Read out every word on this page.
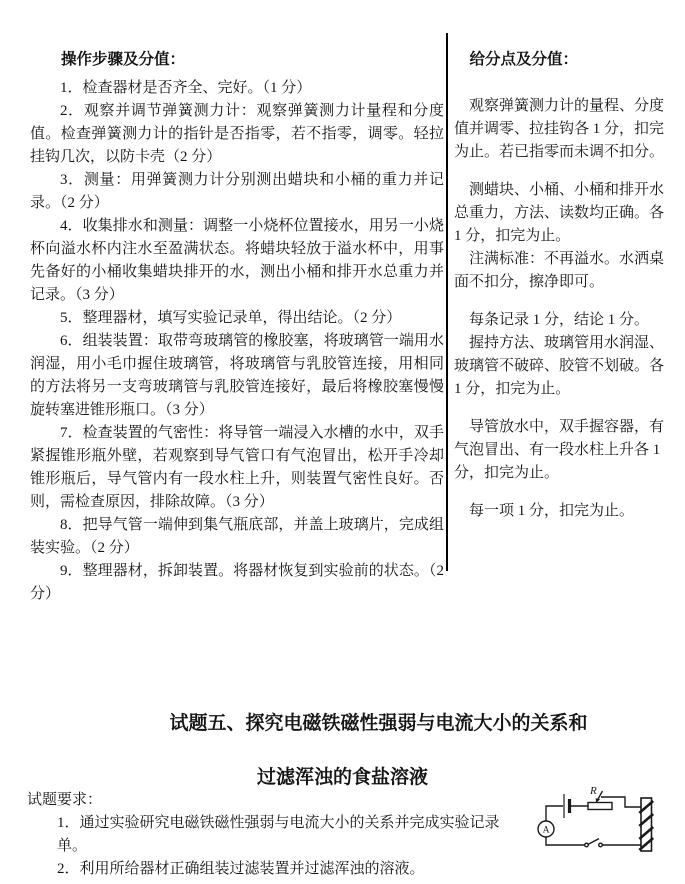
操作步骤及分值：

1．检查器材是否齐全、完好。（1 分）

2．观察并调节弹簧测力计：观察弹簧测力计量程和分度值。检查弹簧测力计的指针是否指零，若不指零，调零。轻拉挂钩几次，以防卡壳（2 分）

3．测量：用弹簧测力计分别测出蜡块和小桶的重力并记录。（2 分）

4．收集排水和测量：调整一小烧杯位置接水，用另一小烧杯向溢水杯内注水至盈满状态。将蜡块轻放于溢水杯中，用事先备好的小桶收集蜡块排开的水，测出小桶和排开水总重力并记录。（3 分）

5．整理器材，填写实验记录单，得出结论。（2 分）

6．组装装置：取带弯玻璃管的橡胶塞，将玻璃管一端用水润湿，用小毛巾握住玻璃管，将玻璃管与乳胶管连接，用相同的方法将另一支弯玻璃管与乳胶管连接好，最后将橡胶塞慢慢旋转塞进锥形瓶口。（3 分）

7．检查装置的气密性：将导管一端浸入水槽的水中，双手紧握锥形瓶外壁，若观察到导气管口有气泡冒出，松开手冷却锥形瓶后，导气管内有一段水柱上升，则装置气密性良好。否则，需检查原因，排除故障。（3 分）

8．把导气管一端伸到集气瓶底部，并盖上玻璃片，完成组装实验。（2 分）

9．整理器材，拆卸装置。将器材恢复到实验前的状态。（2 分）

给分点及分值：

观察弹簧测力计的量程、分度值并调零、拉挂钩各 1 分，扣完为止。若已指零而未调不扣分。

测蜡块、小桶、小桶和排开水总重力，方法、读数均正确。各 1 分，扣完为止。

注满标准：不再溢水。水洒桌面不扣分，擦净即可。

每条记录 1 分，结论 1 分。

握持方法、玻璃管用水润湿、玻璃管不破碎、胶管不划破。各 1 分，扣完为止。

导管放水中，双手握容器，有气泡冒出、有一段水柱上升各 1 分，扣完为止。

每一项 1 分，扣完为止。

试题五、探究电磁铁磁性强弱与电流大小的关系和
过滤浑浊的食盐溶液

试题要求：

1．通过实验研究电磁铁磁性强弱与电流大小的关系并完成实验记录单。

2．利用所给器材正确组装过滤装置并过滤浑浊的溶液。

R
A
